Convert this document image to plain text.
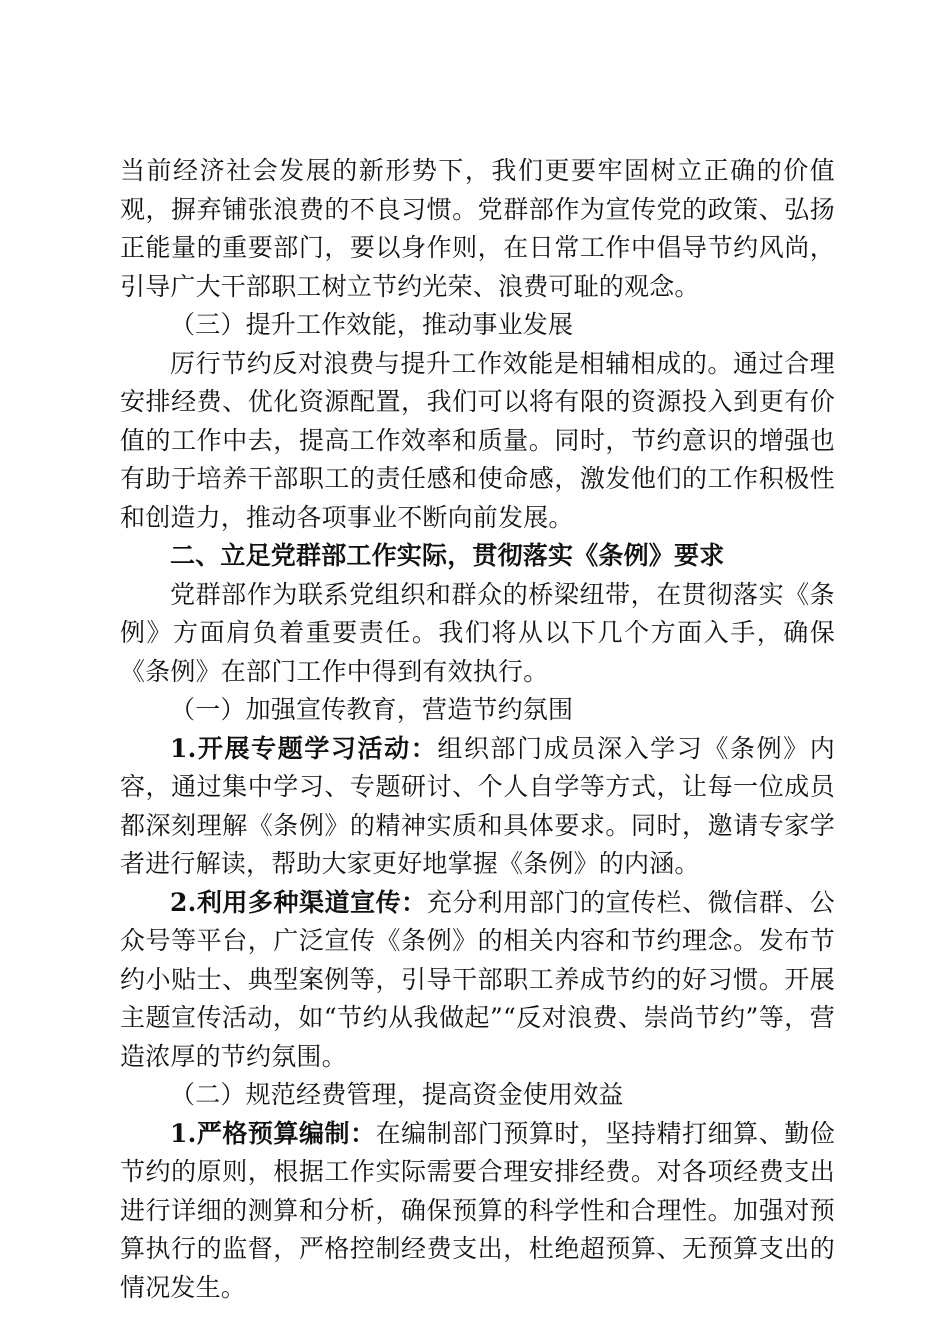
当前经济社会发展的新形势下，我们更要牢固树立正确的价值观，摒弃铺张浪费的不良习惯。党群部作为宣传党的政策、弘扬正能量的重要部门，要以身作则，在日常工作中倡导节约风尚，引导广大干部职工树立节约光荣、浪费可耻的观念。

（三）提升工作效能，推动事业发展

厉行节约反对浪费与提升工作效能是相辅相成的。通过合理安排经费、优化资源配置，我们可以将有限的资源投入到更有价值的工作中去，提高工作效率和质量。同时，节约意识的增强也有助于培养干部职工的责任感和使命感，激发他们的工作积极性和创造力，推动各项事业不断向前发展。

二、立足党群部工作实际，贯彻落实《条例》要求

党群部作为联系党组织和群众的桥梁纽带，在贯彻落实《条例》方面肩负着重要责任。我们将从以下几个方面入手，确保《条例》在部门工作中得到有效执行。

（一）加强宣传教育，营造节约氛围

1.开展专题学习活动：组织部门成员深入学习《条例》内容，通过集中学习、专题研讨、个人自学等方式，让每一位成员都深刻理解《条例》的精神实质和具体要求。同时，邀请专家学者进行解读，帮助大家更好地掌握《条例》的内涵。

2.利用多种渠道宣传：充分利用部门的宣传栏、微信群、公众号等平台，广泛宣传《条例》的相关内容和节约理念。发布节约小贴士、典型案例等，引导干部职工养成节约的好习惯。开展主题宣传活动，如“节约从我做起”“反对浪费、崇尚节约”等，营造浓厚的节约氛围。

（二）规范经费管理，提高资金使用效益

1.严格预算编制：在编制部门预算时，坚持精打细算、勤俭节约的原则，根据工作实际需要合理安排经费。对各项经费支出进行详细的测算和分析，确保预算的科学性和合理性。加强对预算执行的监督，严格控制经费支出，杜绝超预算、无预算支出的情况发生。
